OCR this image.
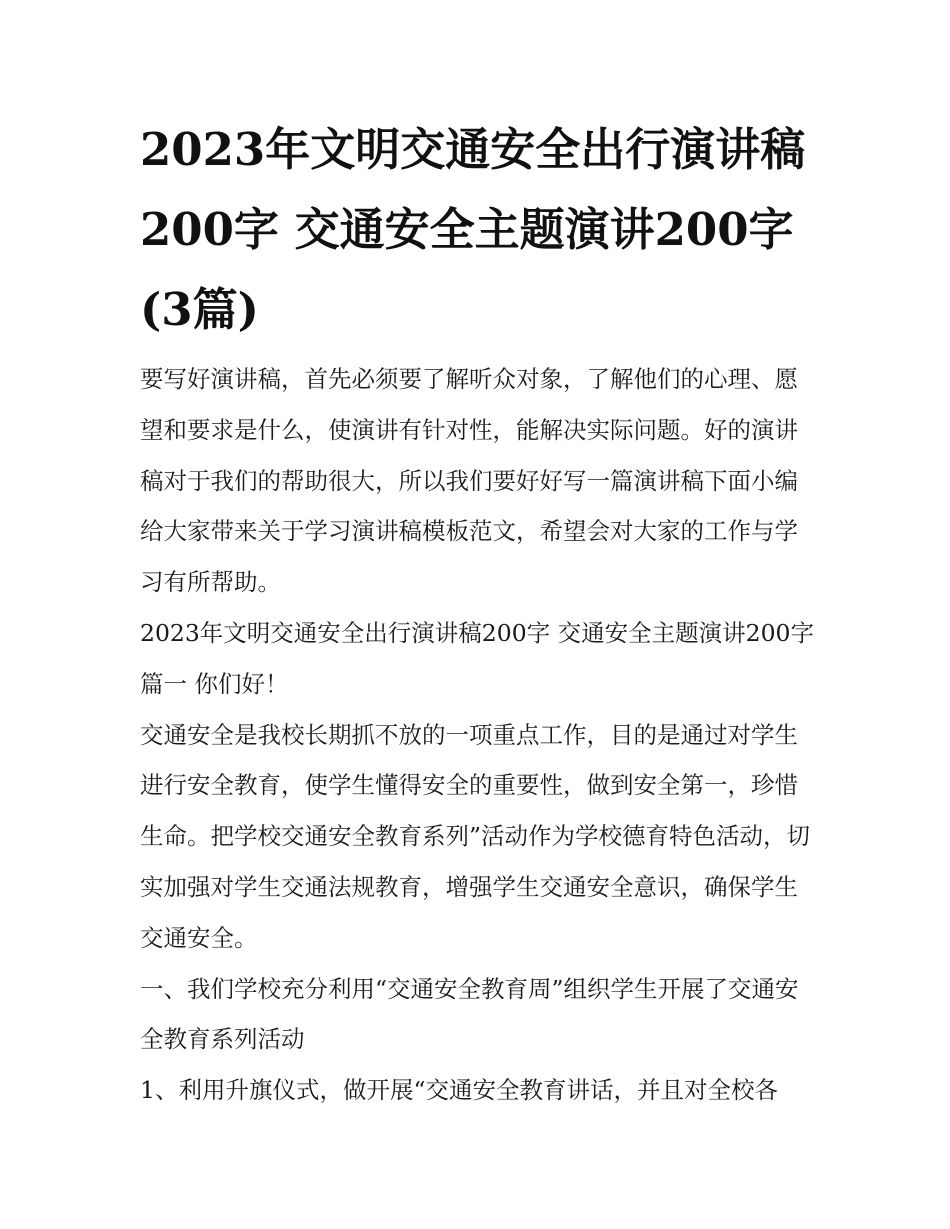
2023年文明交通安全出行演讲稿200字 交通安全主题演讲200字(3篇)

要写好演讲稿，首先必须要了解听众对象，了解他们的心理、愿望和要求是什么，使演讲有针对性，能解决实际问题。好的演讲稿对于我们的帮助很大，所以我们要好好写一篇演讲稿下面小编给大家带来关于学习演讲稿模板范文，希望会对大家的工作与学习有所帮助。

2023年文明交通安全出行演讲稿200字 交通安全主题演讲200字篇一 你们好！

交通安全是我校长期抓不放的一项重点工作，目的是通过对学生进行安全教育，使学生懂得安全的重要性，做到安全第一，珍惜生命。把学校交通安全教育系列”活动作为学校德育特色活动，切实加强对学生交通法规教育，增强学生交通安全意识，确保学生交通安全。

一、我们学校充分利用“交通安全教育周”组织学生开展了交通安全教育系列活动

1、利用升旗仪式，做开展“交通安全教育讲话，并且对全校各
